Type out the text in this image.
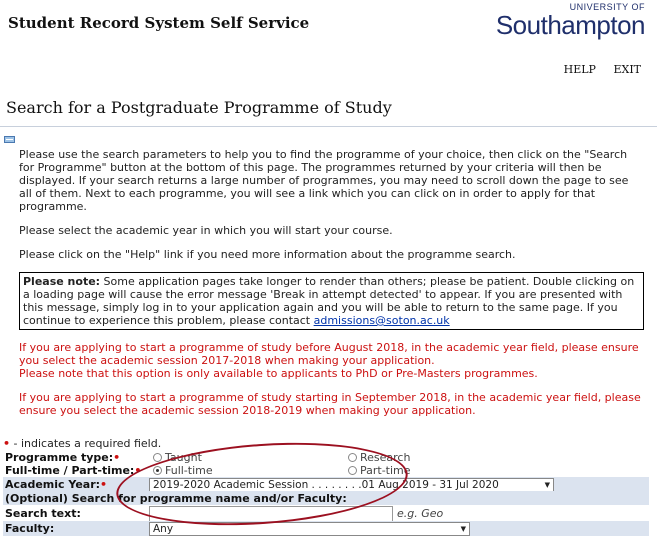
Student Record System Self Service
UNIVERSITY OF
Southampton
HELP EXIT
Search for a Postgraduate Programme of Study

Please use the search parameters to help you to find the programme of your choice, then click on the "Search for Programme" button at the bottom of this page. The programmes returned by your criteria will then be displayed. If your search returns a large number of programmes, you may need to scroll down the page to see all of them. Next to each programme, you will see a link which you can click on in order to apply for that programme.

Please select the academic year in which you will start your course.

Please click on the "Help" link if you need more information about the programme search.

Please note: Some application pages take longer to render than others; please be patient. Double clicking on a loading page will cause the error message 'Break in attempt detected' to appear. If you are presented with this message, simply log in to your application again and you will be able to return to the same page. If you continue to experience this problem, please contact admissions@soton.ac.uk

If you are applying to start a programme of study before August 2018, in the academic year field, please ensure you select the academic session 2017-2018 when making your application.

Please note that this option is only available to applicants to PhD or Pre-Masters programmes.

If you are applying to start a programme of study starting in September 2018, in the academic year field, please ensure you select the academic session 2018-2019 when making your application.

• - indicates a required field.
Programme type:•	Taught	Research
Full-time / Part-time:•	Full-time	Part-time
Academic Year:•	2019-2020 Academic Session . . . . . . . .01 Aug 2019 - 31 Jul 2020	▼
(Optional) Search for programme name and/or Faculty:
Search text:	e.g. Geo
Faculty:	Any	▼
